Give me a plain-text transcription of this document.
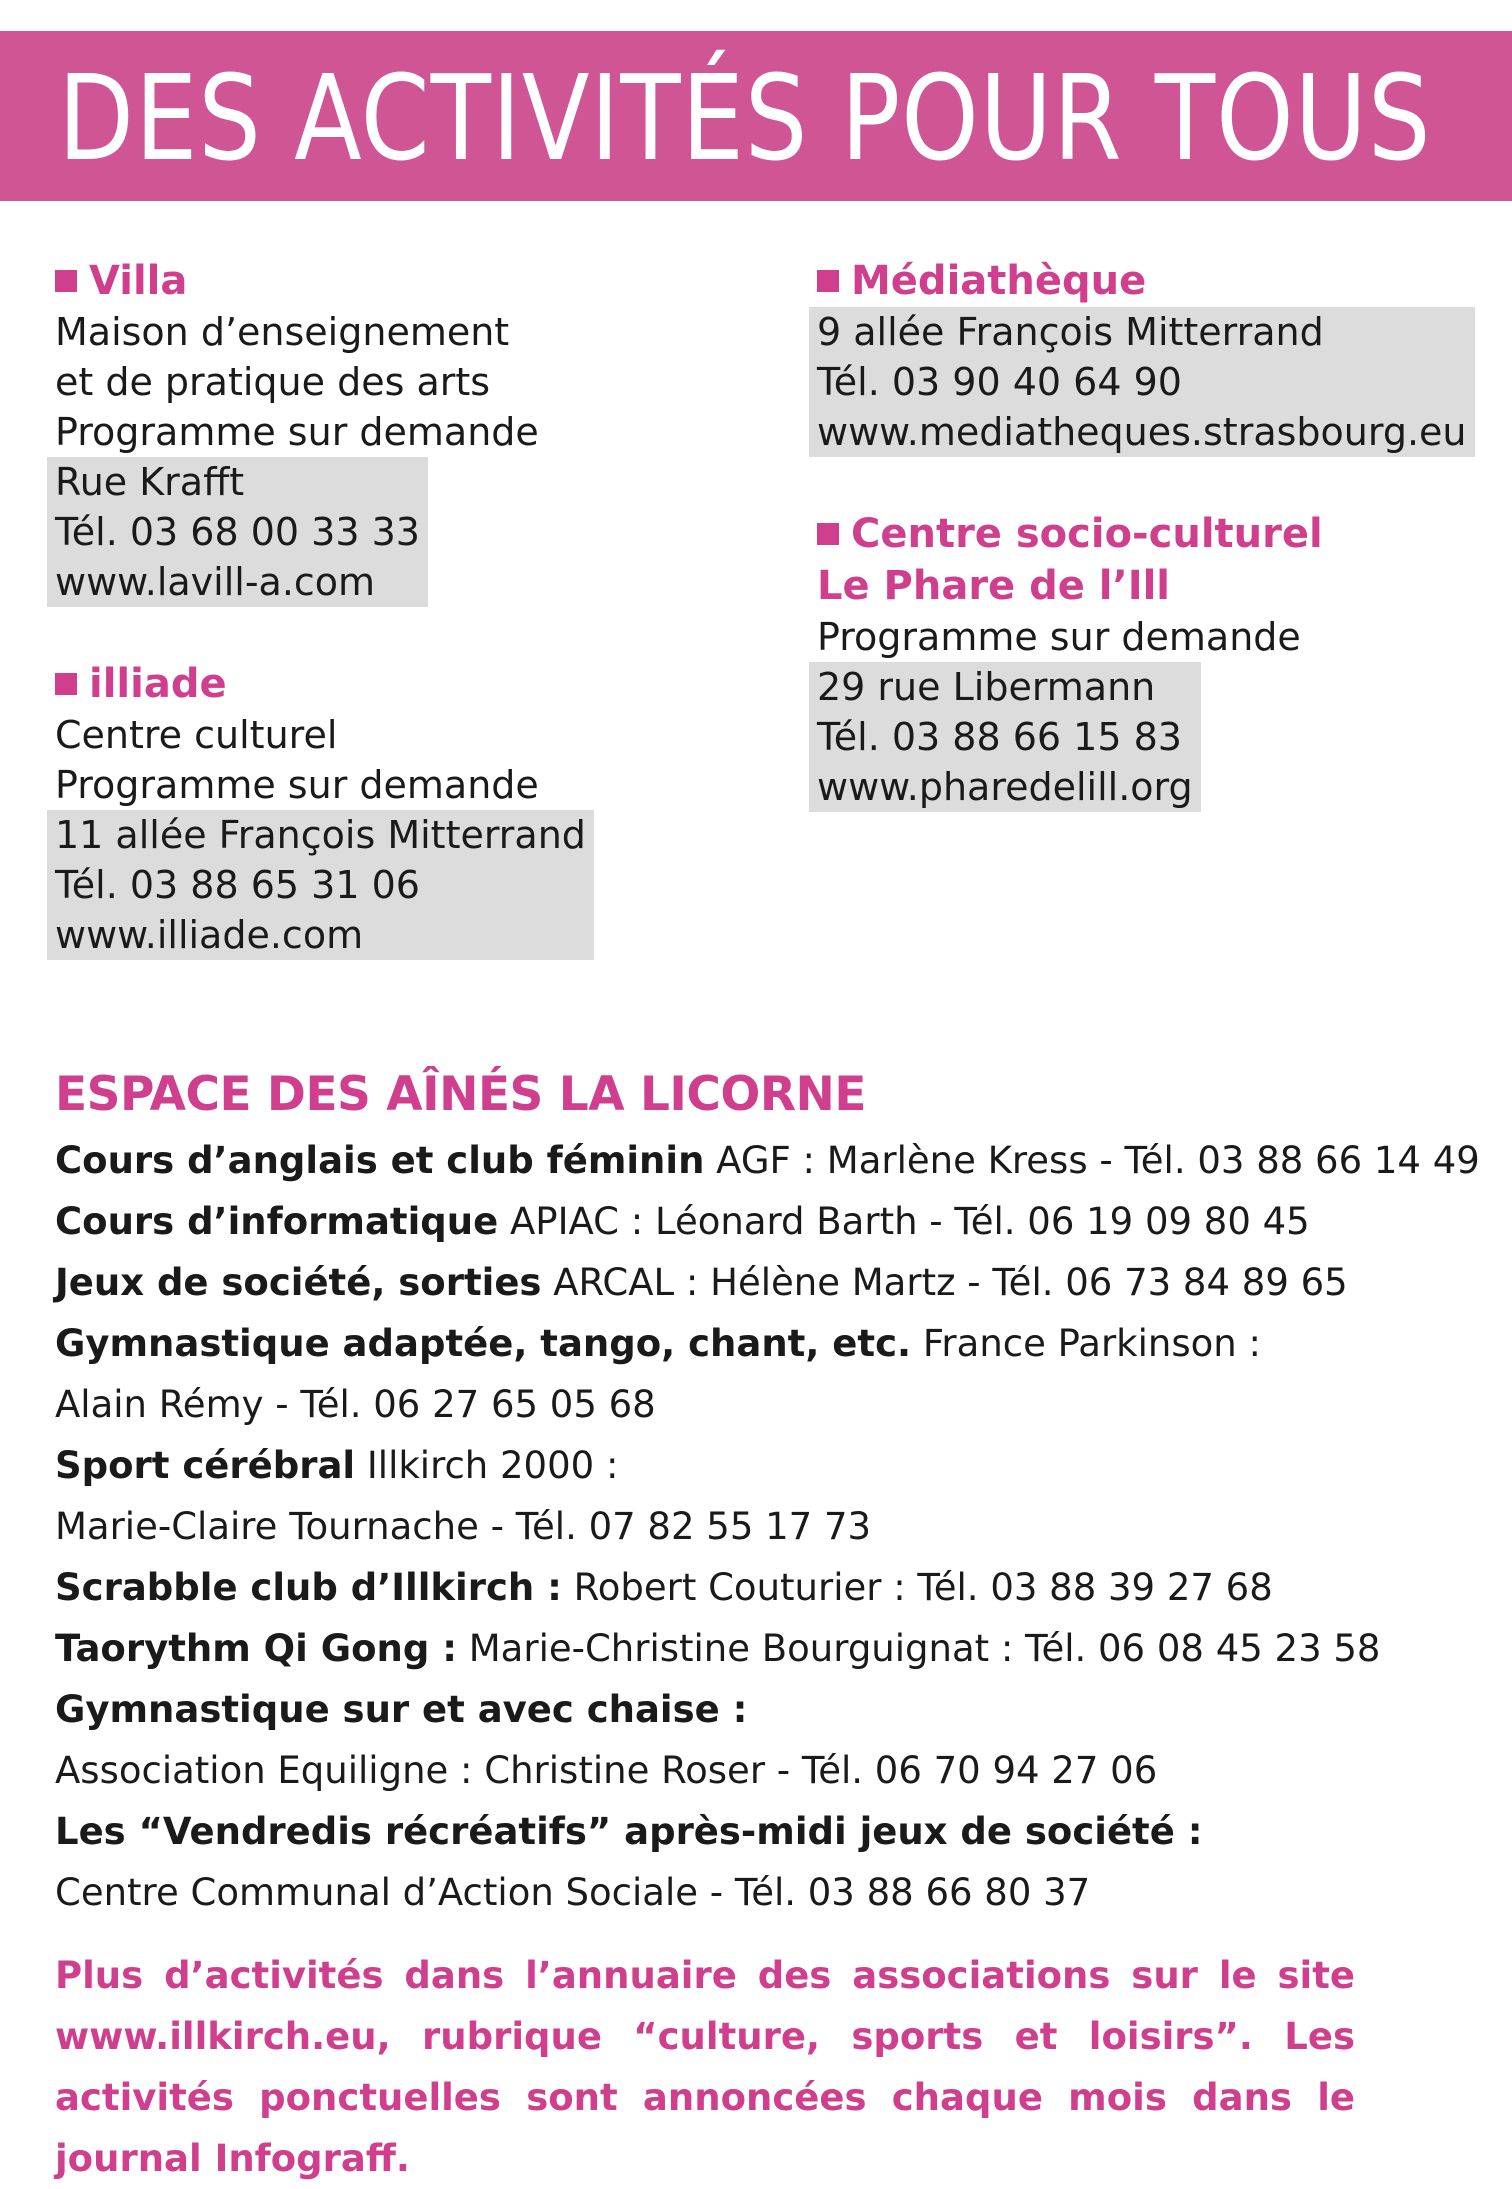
DES ACTIVITÉS POUR TOUS
Villa
Maison d’enseignement
et de pratique des arts
Programme sur demande
Rue Krafft
Tél. 03 68 00 33 33
www.lavill-a.com
illiade
Centre culturel
Programme sur demande
11 allée François Mitterrand
Tél. 03 88 65 31 06
www.illiade.com
Médiathèque
9 allée François Mitterrand
Tél. 03 90 40 64 90
www.mediatheques.strasbourg.eu
Centre socio-culturel
Le Phare de l’Ill
Programme sur demande
29 rue Libermann
Tél. 03 88 66 15 83
www.pharedelill.org
ESPACE DES AÎNÉS LA LICORNE
Cours d’anglais et club féminin AGF : Marlène Kress - Tél. 03 88 66 14 49
Cours d’informatique APIAC : Léonard Barth - Tél. 06 19 09 80 45
Jeux de société, sorties ARCAL : Hélène Martz - Tél. 06 73 84 89 65
Gymnastique adaptée, tango, chant, etc. France Parkinson :
Alain Rémy - Tél. 06 27 65 05 68
Sport cérébral Illkirch 2000 :
Marie-Claire Tournache - Tél. 07 82 55 17 73
Scrabble club d’Illkirch : Robert Couturier : Tél. 03 88 39 27 68
Taorythm Qi Gong : Marie-Christine Bourguignat : Tél. 06 08 45 23 58
Gymnastique sur et avec chaise :
Association Equiligne : Christine Roser - Tél. 06 70 94 27 06
Les “Vendredis récréatifs” après-midi jeux de société :
Centre Communal d’Action Sociale - Tél. 03 88 66 80 37
Plus d’activités dans l’annuaire des associations sur le site www.illkirch.eu, rubrique “culture, sports et loisirs”. Les activités ponctuelles sont annoncées chaque mois dans le journal Infograff.
